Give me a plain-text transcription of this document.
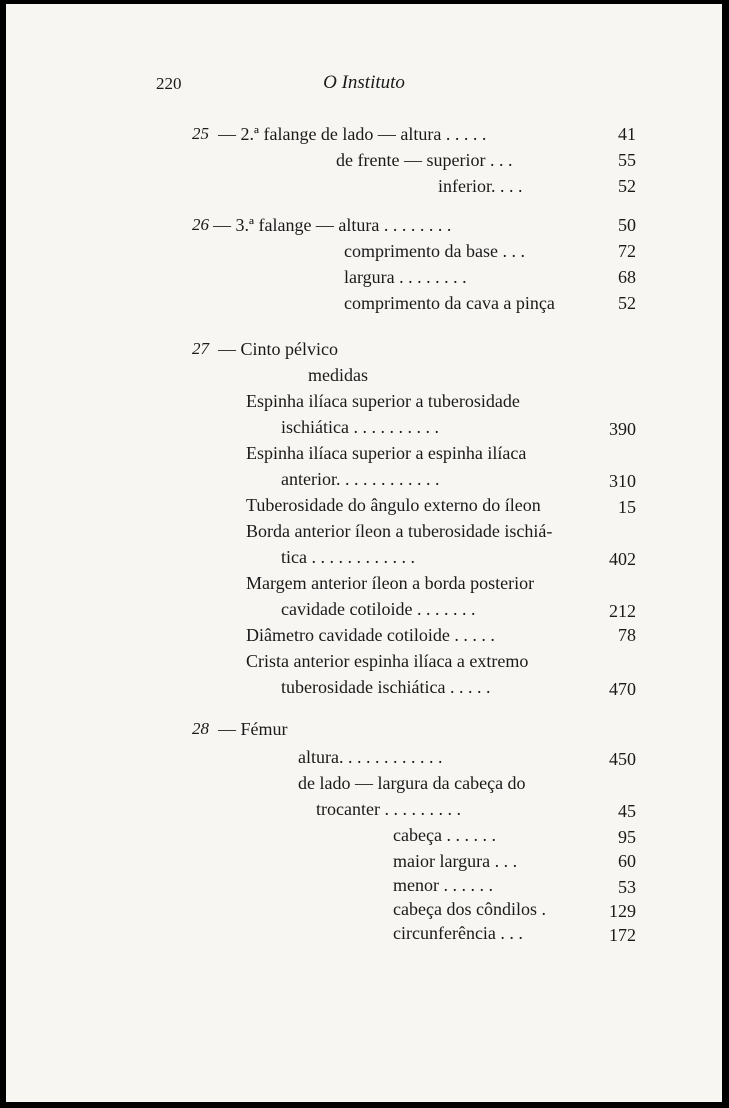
220	O Instituto
25 — 2.ª falange de lado — altura . . . . .	41
de frente — superior . . .	55
inferior. . . .	52
26 — 3.ª falange — altura . . . . . . . .	50
comprimento da base . . .	72
largura . . . . . . . .	68
comprimento da cava a pinça	52
27 — Cinto pélvico
medidas
Espinha ilíaca superior a tuberosidade
ischiática . . . . . . . . . .	390
Espinha ilíaca superior a espinha ilíaca
anterior. . . . . . . . . . . .	310
Tuberosidade do ângulo externo do íleon	15
Borda anterior íleon a tuberosidade ischiá-
tica . . . . . . . . . . . .	402
Margem anterior íleon a borda posterior
cavidade cotiloide . . . . . . .	212
Diâmetro cavidade cotiloide . . . . .	78
Crista anterior espinha ilíaca a extremo
tuberosidade ischiática . . . . .	470
28 — Fémur
altura. . . . . . . . . . . .	450
de lado — largura da cabeça do
trocanter . . . . . . . . .	45
cabeça . . . . . .	95
maior largura . . .	60
menor . . . . . .	53
cabeça dos côndilos .	129
circunferência . . .	172
